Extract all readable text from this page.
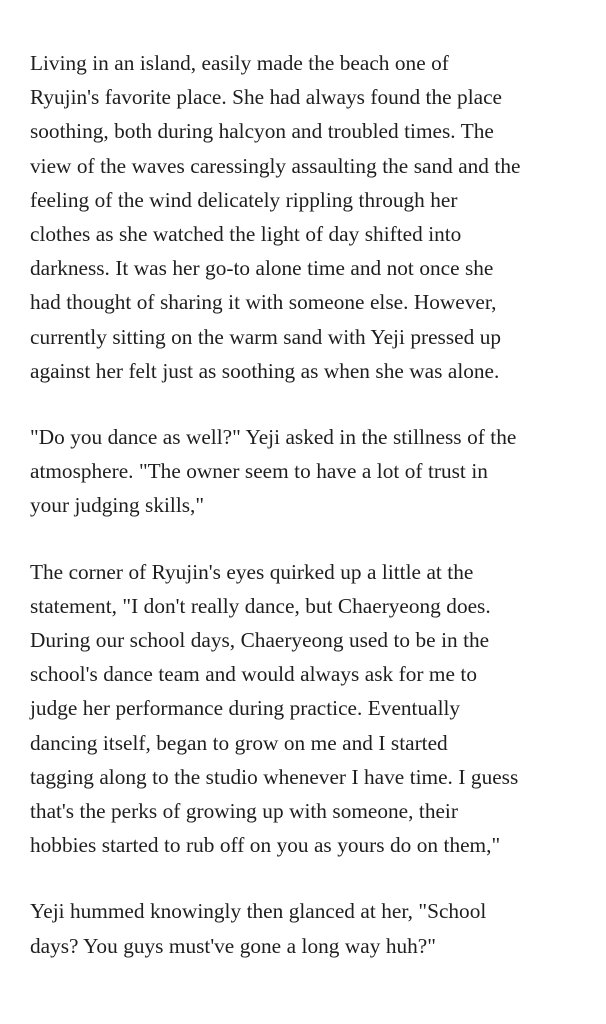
Living in an island, easily made the beach one of
Ryujin's favorite place. She had always found the place
soothing, both during halcyon and troubled times. The
view of the waves caressingly assaulting the sand and the
feeling of the wind delicately rippling through her
clothes as she watched the light of day shifted into
darkness. It was her go-to alone time and not once she
had thought of sharing it with someone else. However,
currently sitting on the warm sand with Yeji pressed up
against her felt just as soothing as when she was alone.

"Do you dance as well?" Yeji asked in the stillness of the
atmosphere. "The owner seem to have a lot of trust in
your judging skills,"

The corner of Ryujin's eyes quirked up a little at the
statement, "I don't really dance, but Chaeryeong does.
During our school days, Chaeryeong used to be in the
school's dance team and would always ask for me to
judge her performance during practice. Eventually
dancing itself, began to grow on me and I started
tagging along to the studio whenever I have time. I guess
that's the perks of growing up with someone, their
hobbies started to rub off on you as yours do on them,"

Yeji hummed knowingly then glanced at her, "School
days? You guys must've gone a long way huh?"
